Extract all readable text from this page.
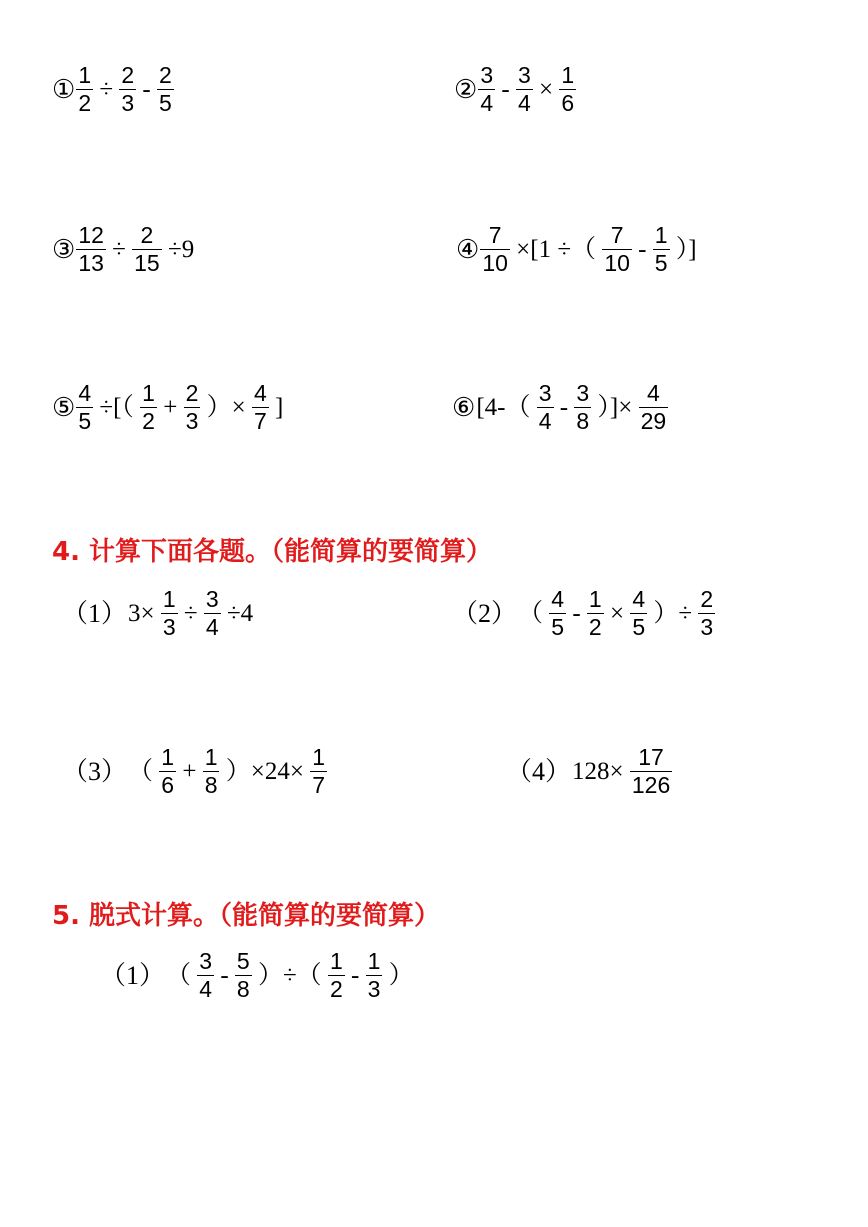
① $\frac{1}{2} \div \frac{2}{3} - \frac{2}{5}$	② $\frac{3}{4} - \frac{3}{4} \times \frac{1}{6}$
③ $\frac{12}{13} \div \frac{2}{15} \div 9$	④ $\frac{7}{10} \times[1$ ÷（ $\frac{7}{10} - \frac{1}{5}$ ）]
⑤ $\frac{4}{5}$ ÷[（ $\frac{1}{2} + \frac{2}{3}$ ）× $\frac{4}{7}$ ]	⑥ [$4-( \frac{3}{4} - \frac{3}{8}$ ）]× $\frac{4}{29}$
4. 计算下面各题。（能简算的要简算）
（1） $3\times \frac{1}{3} \div \frac{3}{4} \div 4$	（2） （ $\frac{4}{5} - \frac{1}{2} \times \frac{4}{5}$ ）÷ $\frac{2}{3}$
（3） （ $\frac{1}{6} + \frac{1}{8} )\times 24\times \frac{1}{7}$	（4） $128\times \frac{17}{126}$
5. 脱式计算。（能简算的要简算）
（1） （ $\frac{3}{4} - \frac{5}{8}$ ）÷（ $\frac{1}{2} - \frac{1}{3}$ ）
